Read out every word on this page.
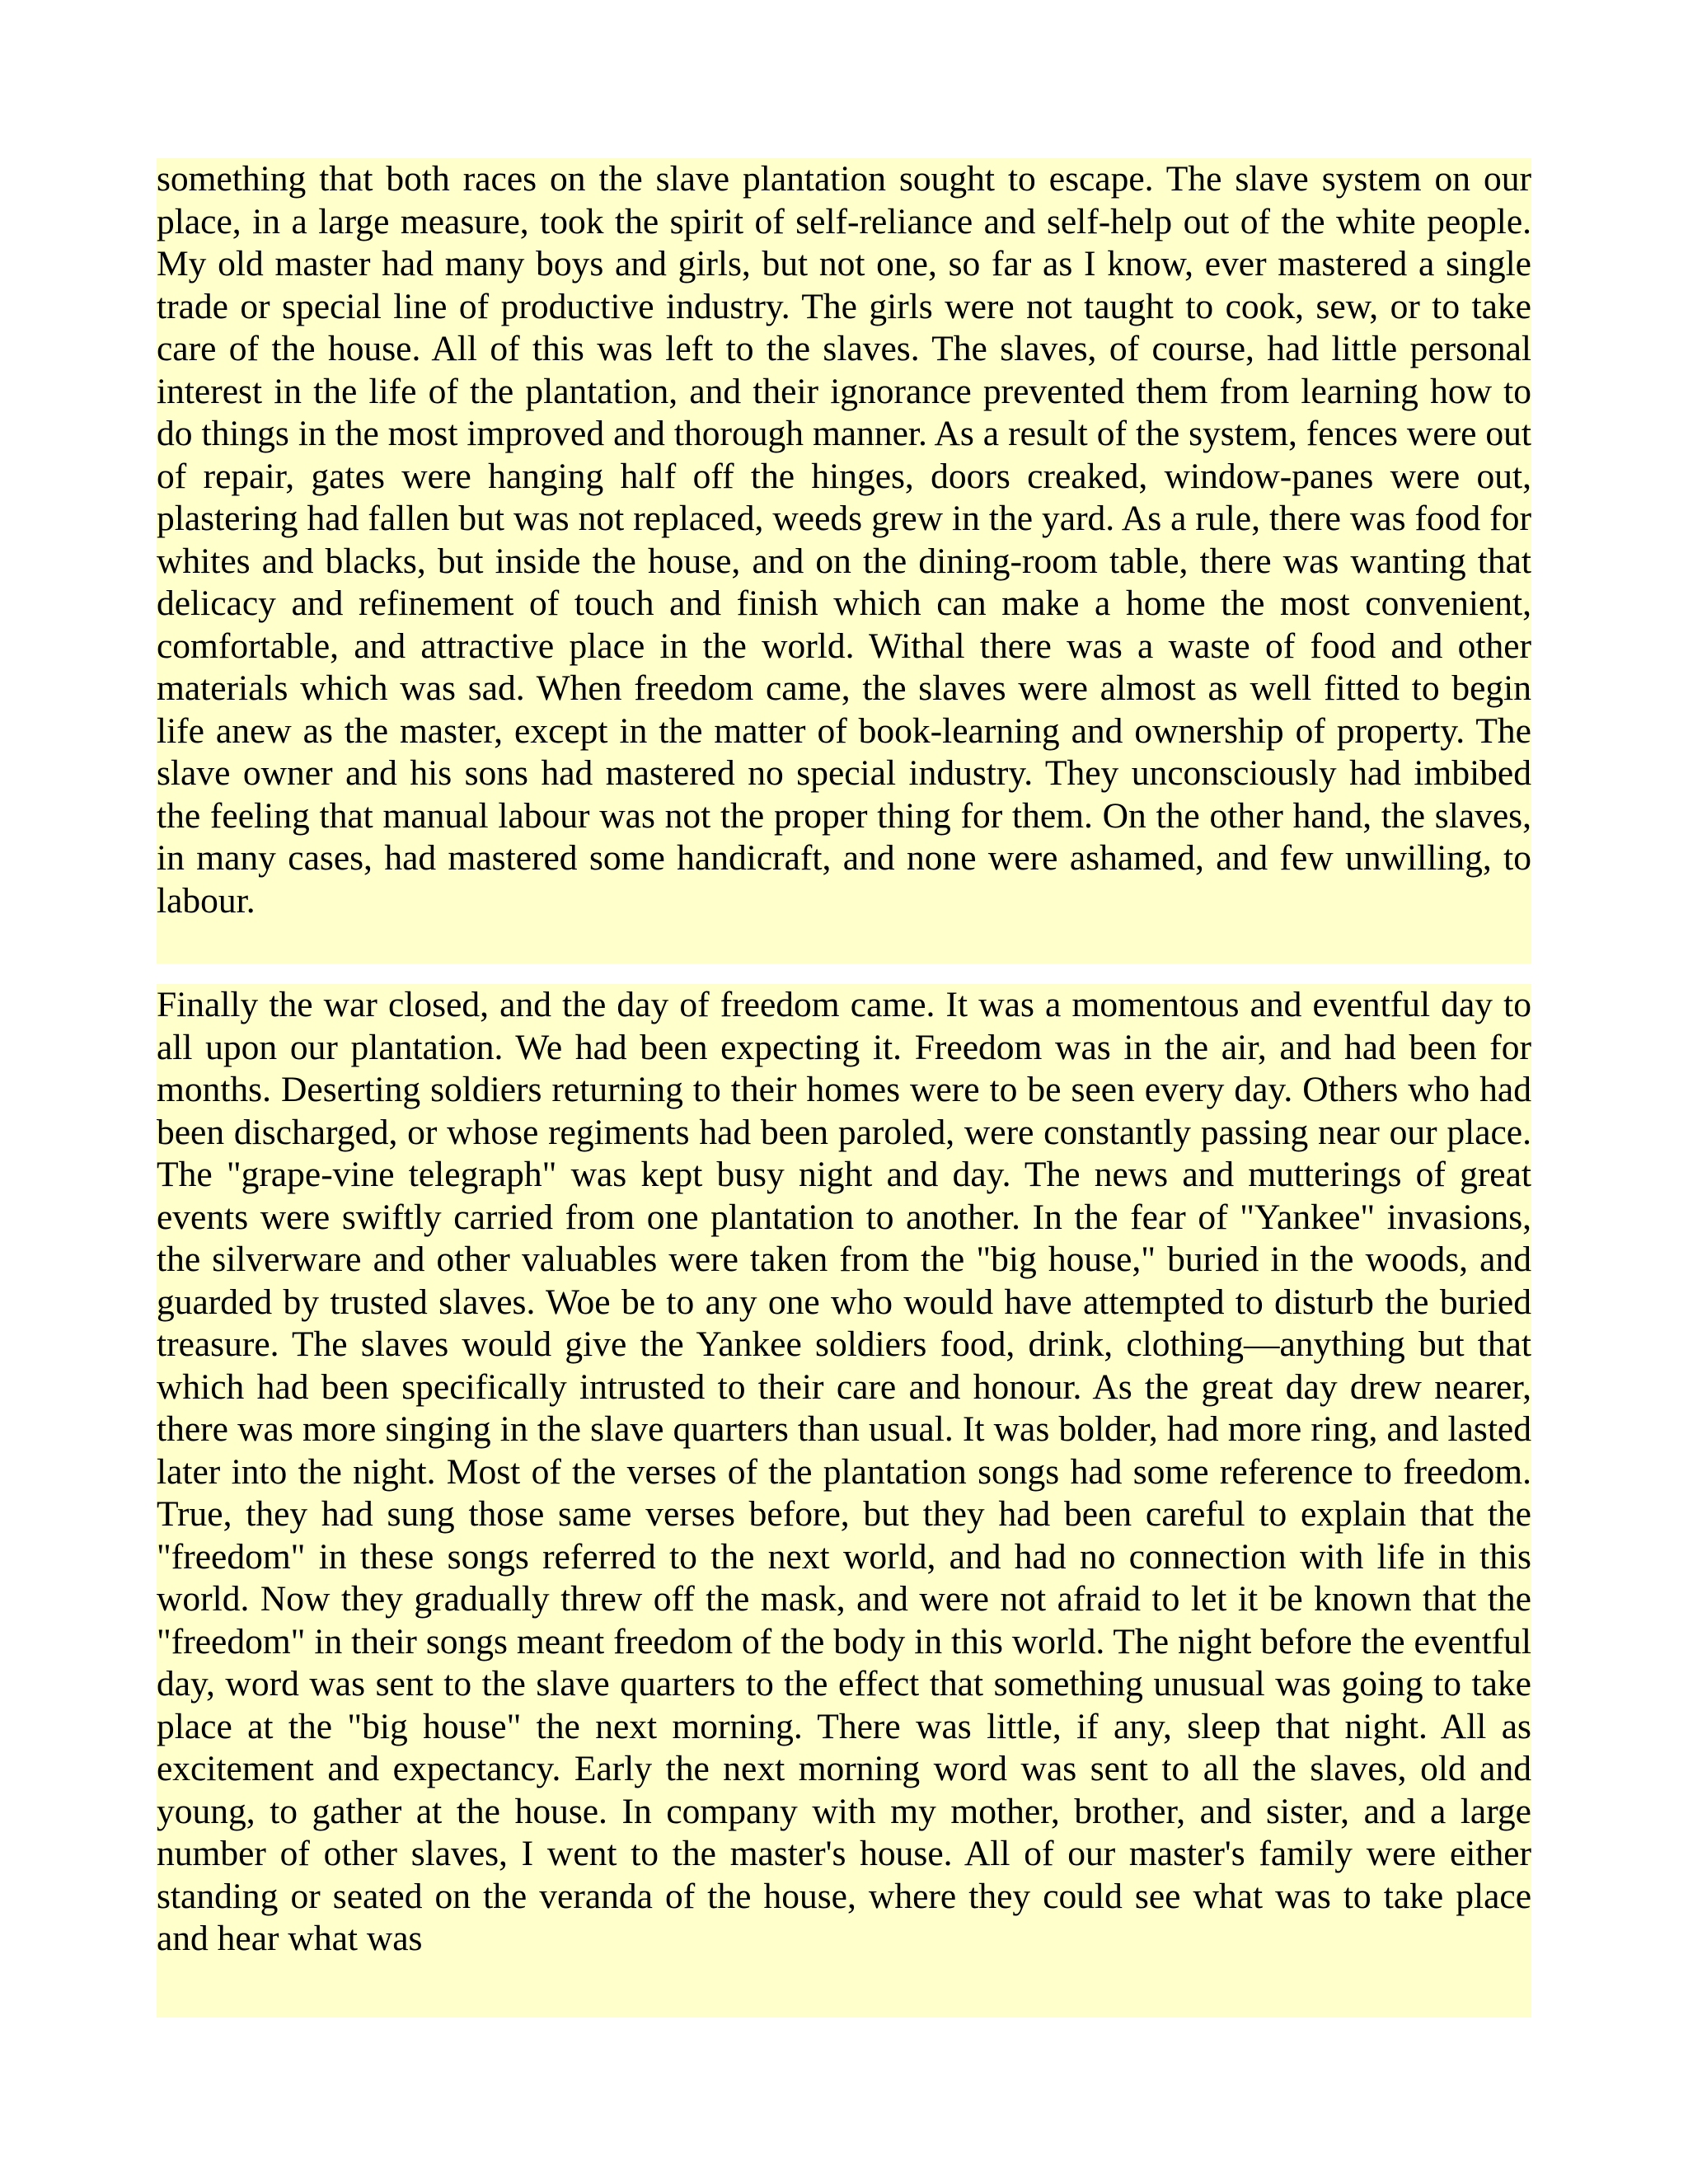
something that both races on the slave plantation sought to escape. The slave system on our place, in a large measure, took the spirit of self-reliance and self-help out of the white people. My old master had many boys and girls, but not one, so far as I know, ever mastered a single trade or special line of productive industry. The girls were not taught to cook, sew, or to take care of the house. All of this was left to the slaves. The slaves, of course, had little personal interest in the life of the plantation, and their ignorance prevented them from learning how to do things in the most improved and thorough manner. As a result of the system, fences were out of repair, gates were hanging half off the hinges, doors creaked, window-panes were out, plastering had fallen but was not replaced, weeds grew in the yard. As a rule, there was food for whites and blacks, but inside the house, and on the dining-room table, there was wanting that delicacy and refinement of touch and finish which can make a home the most convenient, comfortable, and attractive place in the world. Withal there was a waste of food and other materials which was sad. When freedom came, the slaves were almost as well fitted to begin life anew as the master, except in the matter of book-learning and ownership of property. The slave owner and his sons had mastered no special industry. They unconsciously had imbibed the feeling that manual labour was not the proper thing for them. On the other hand, the slaves, in many cases, had mastered some handicraft, and none were ashamed, and few unwilling, to labour.

Finally the war closed, and the day of freedom came. It was a momentous and eventful day to all upon our plantation. We had been expecting it. Freedom was in the air, and had been for months. Deserting soldiers returning to their homes were to be seen every day. Others who had been discharged, or whose regiments had been paroled, were constantly passing near our place. The "grape-vine telegraph" was kept busy night and day. The news and mutterings of great events were swiftly carried from one plantation to another. In the fear of "Yankee" invasions, the silverware and other valuables were taken from the "big house," buried in the woods, and guarded by trusted slaves. Woe be to any one who would have attempted to disturb the buried treasure. The slaves would give the Yankee soldiers food, drink, clothing—anything but that which had been specifically intrusted to their care and honour. As the great day drew nearer, there was more singing in the slave quarters than usual. It was bolder, had more ring, and lasted later into the night. Most of the verses of the plantation songs had some reference to freedom. True, they had sung those same verses before, but they had been careful to explain that the "freedom" in these songs referred to the next world, and had no connection with life in this world. Now they gradually threw off the mask, and were not afraid to let it be known that the "freedom" in their songs meant freedom of the body in this world. The night before the eventful day, word was sent to the slave quarters to the effect that something unusual was going to take place at the "big house" the next morning. There was little, if any, sleep that night. All as excitement and expectancy. Early the next morning word was sent to all the slaves, old and young, to gather at the house. In company with my mother, brother, and sister, and a large number of other slaves, I went to the master's house. All of our master's family were either standing or seated on the veranda of the house, where they could see what was to take place and hear what was
